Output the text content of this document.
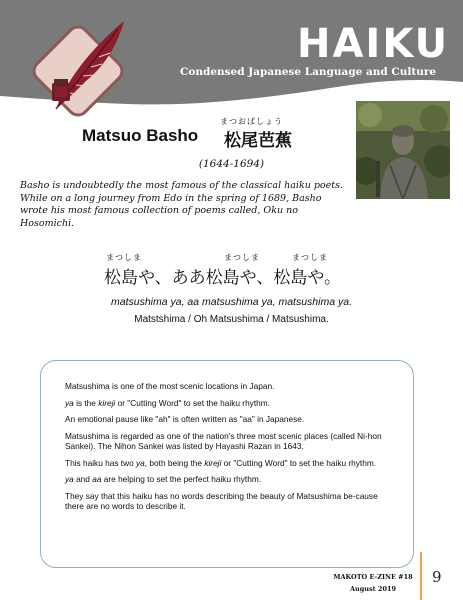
HAIKU
Condensed Japanese Language and Culture
Matsuo Basho
まつおばしょう
松尾芭蕉
(1644-1694)
Basho is undoubtedly the most famous of the classical haiku poets. While on a long journey from Edo in the spring of 1689, Basho wrote his most famous collection of poems called, Oku no Hosomichi.
まつしま	まつしま	まつしま
松島や、ああ松島や、松島や。
matsushima ya, aa matsushima ya, matsushima ya.
Matstshima / Oh Matsushima / Matsushima.

Matsushima is one of the most scenic locations in Japan.

ya is the kireji or "Cutting Word" to set the haiku rhythm.

An emotional pause like "ah" is often written as "aa" in Japanese.

Matsushima is regarded as one of the nation's three most scenic places (called Ni-hon Sankei). The Nihon Sankei was listed by Hayashi Razan in 1643.

This haiku has two ya, both being the kireji or "Cutting Word" to set the haiku rhythm.

ya and aa are helping to set the perfect haiku rhythm.

They say that this haiku has no words describing the beauty of Matsushima be-cause there are no words to describe it.

MAKOTO E-ZINE #18
August 2019
9
